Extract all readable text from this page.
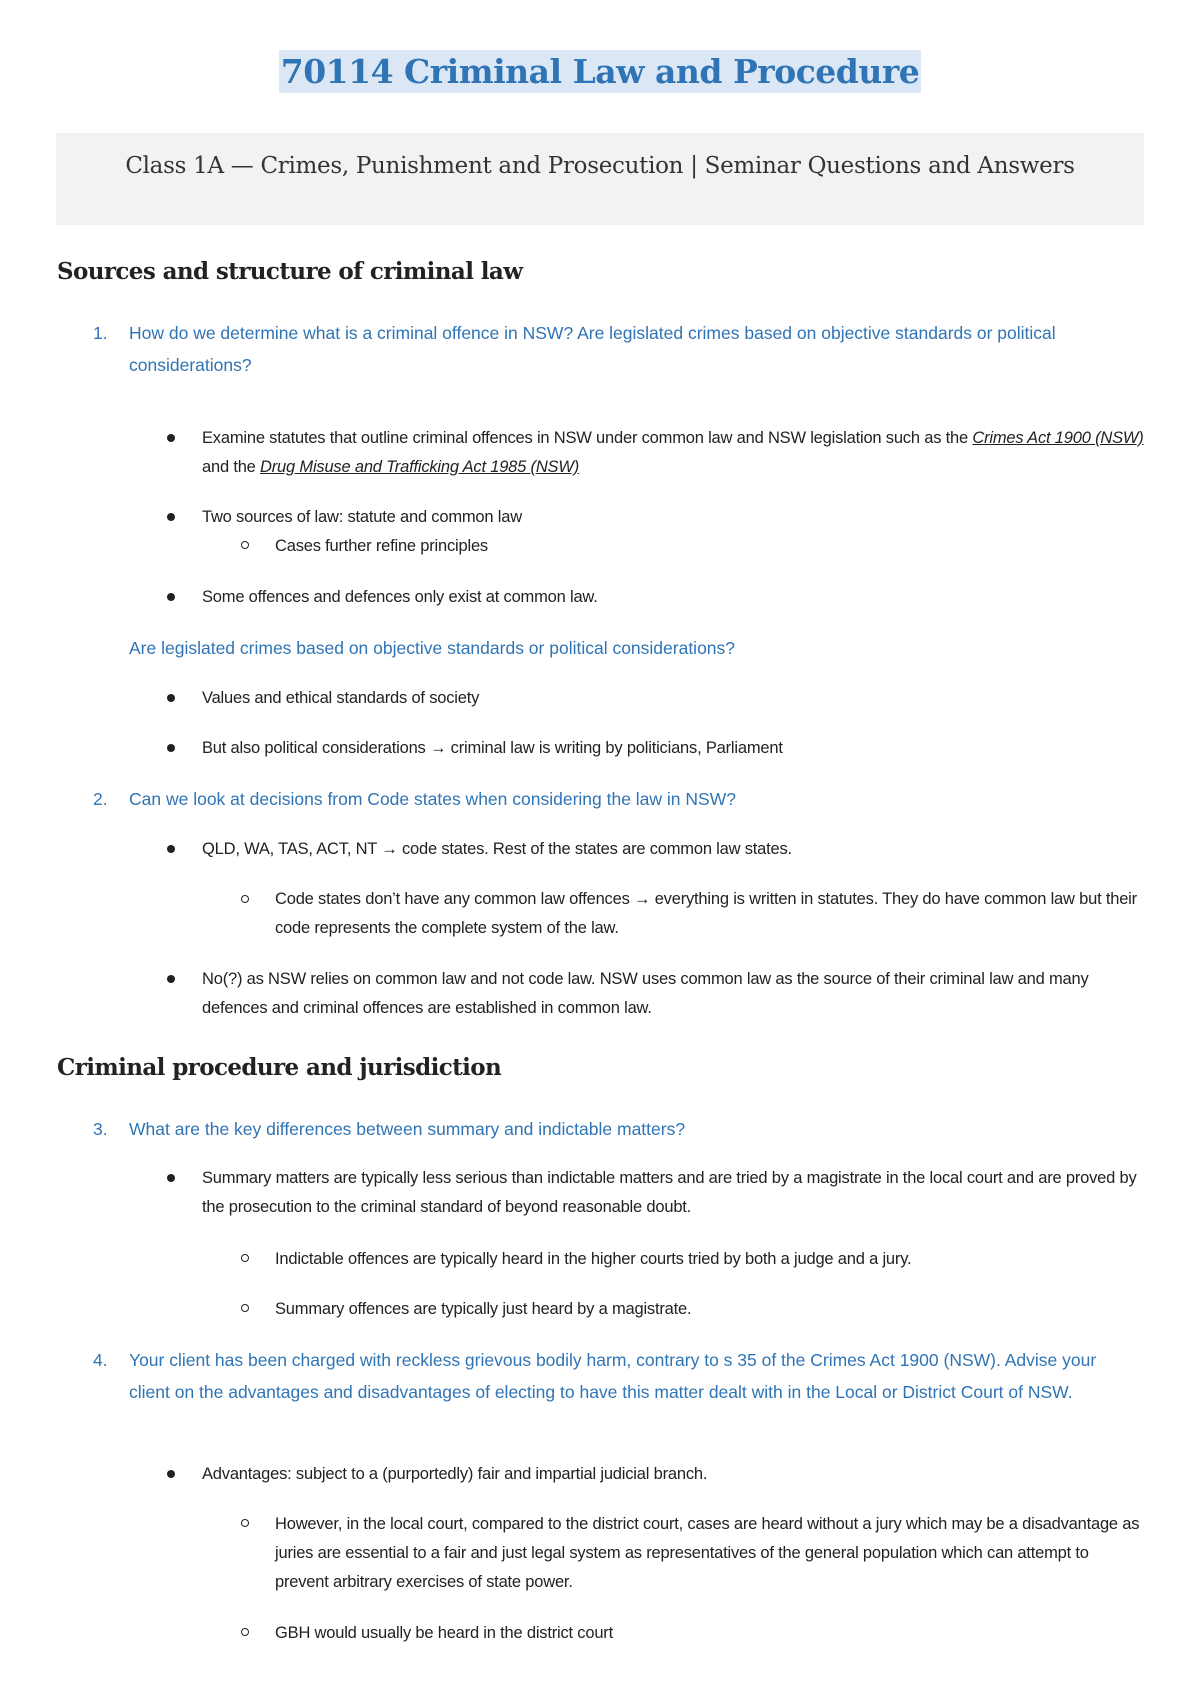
70114 Criminal Law and Procedure
Class 1A — Crimes, Punishment and Prosecution | Seminar Questions and Answers
Sources and structure of criminal law
1. How do we determine what is a criminal offence in NSW? Are legislated crimes based on objective standards or political considerations?
Examine statutes that outline criminal offences in NSW under common law and NSW legislation such as the Crimes Act 1900 (NSW) and the Drug Misuse and Trafficking Act 1985 (NSW)
Two sources of law: statute and common law
Cases further refine principles
Some offences and defences only exist at common law.
Are legislated crimes based on objective standards or political considerations?
Values and ethical standards of society
But also political considerations → criminal law is writing by politicians, Parliament
2. Can we look at decisions from Code states when considering the law in NSW?
QLD, WA, TAS, ACT, NT → code states. Rest of the states are common law states.
Code states don’t have any common law offences → everything is written in statutes. They do have common law but their code represents the complete system of the law.
No(?) as NSW relies on common law and not code law. NSW uses common law as the source of their criminal law and many defences and criminal offences are established in common law.
Criminal procedure and jurisdiction
3. What are the key differences between summary and indictable matters?
Summary matters are typically less serious than indictable matters and are tried by a magistrate in the local court and are proved by the prosecution to the criminal standard of beyond reasonable doubt.
Indictable offences are typically heard in the higher courts tried by both a judge and a jury.
Summary offences are typically just heard by a magistrate.
4. Your client has been charged with reckless grievous bodily harm, contrary to s 35 of the Crimes Act 1900 (NSW). Advise your client on the advantages and disadvantages of electing to have this matter dealt with in the Local or District Court of NSW.
Advantages: subject to a (purportedly) fair and impartial judicial branch.
However, in the local court, compared to the district court, cases are heard without a jury which may be a disadvantage as juries are essential to a fair and just legal system as representatives of the general population which can attempt to prevent arbitrary exercises of state power.
GBH would usually be heard in the district court
